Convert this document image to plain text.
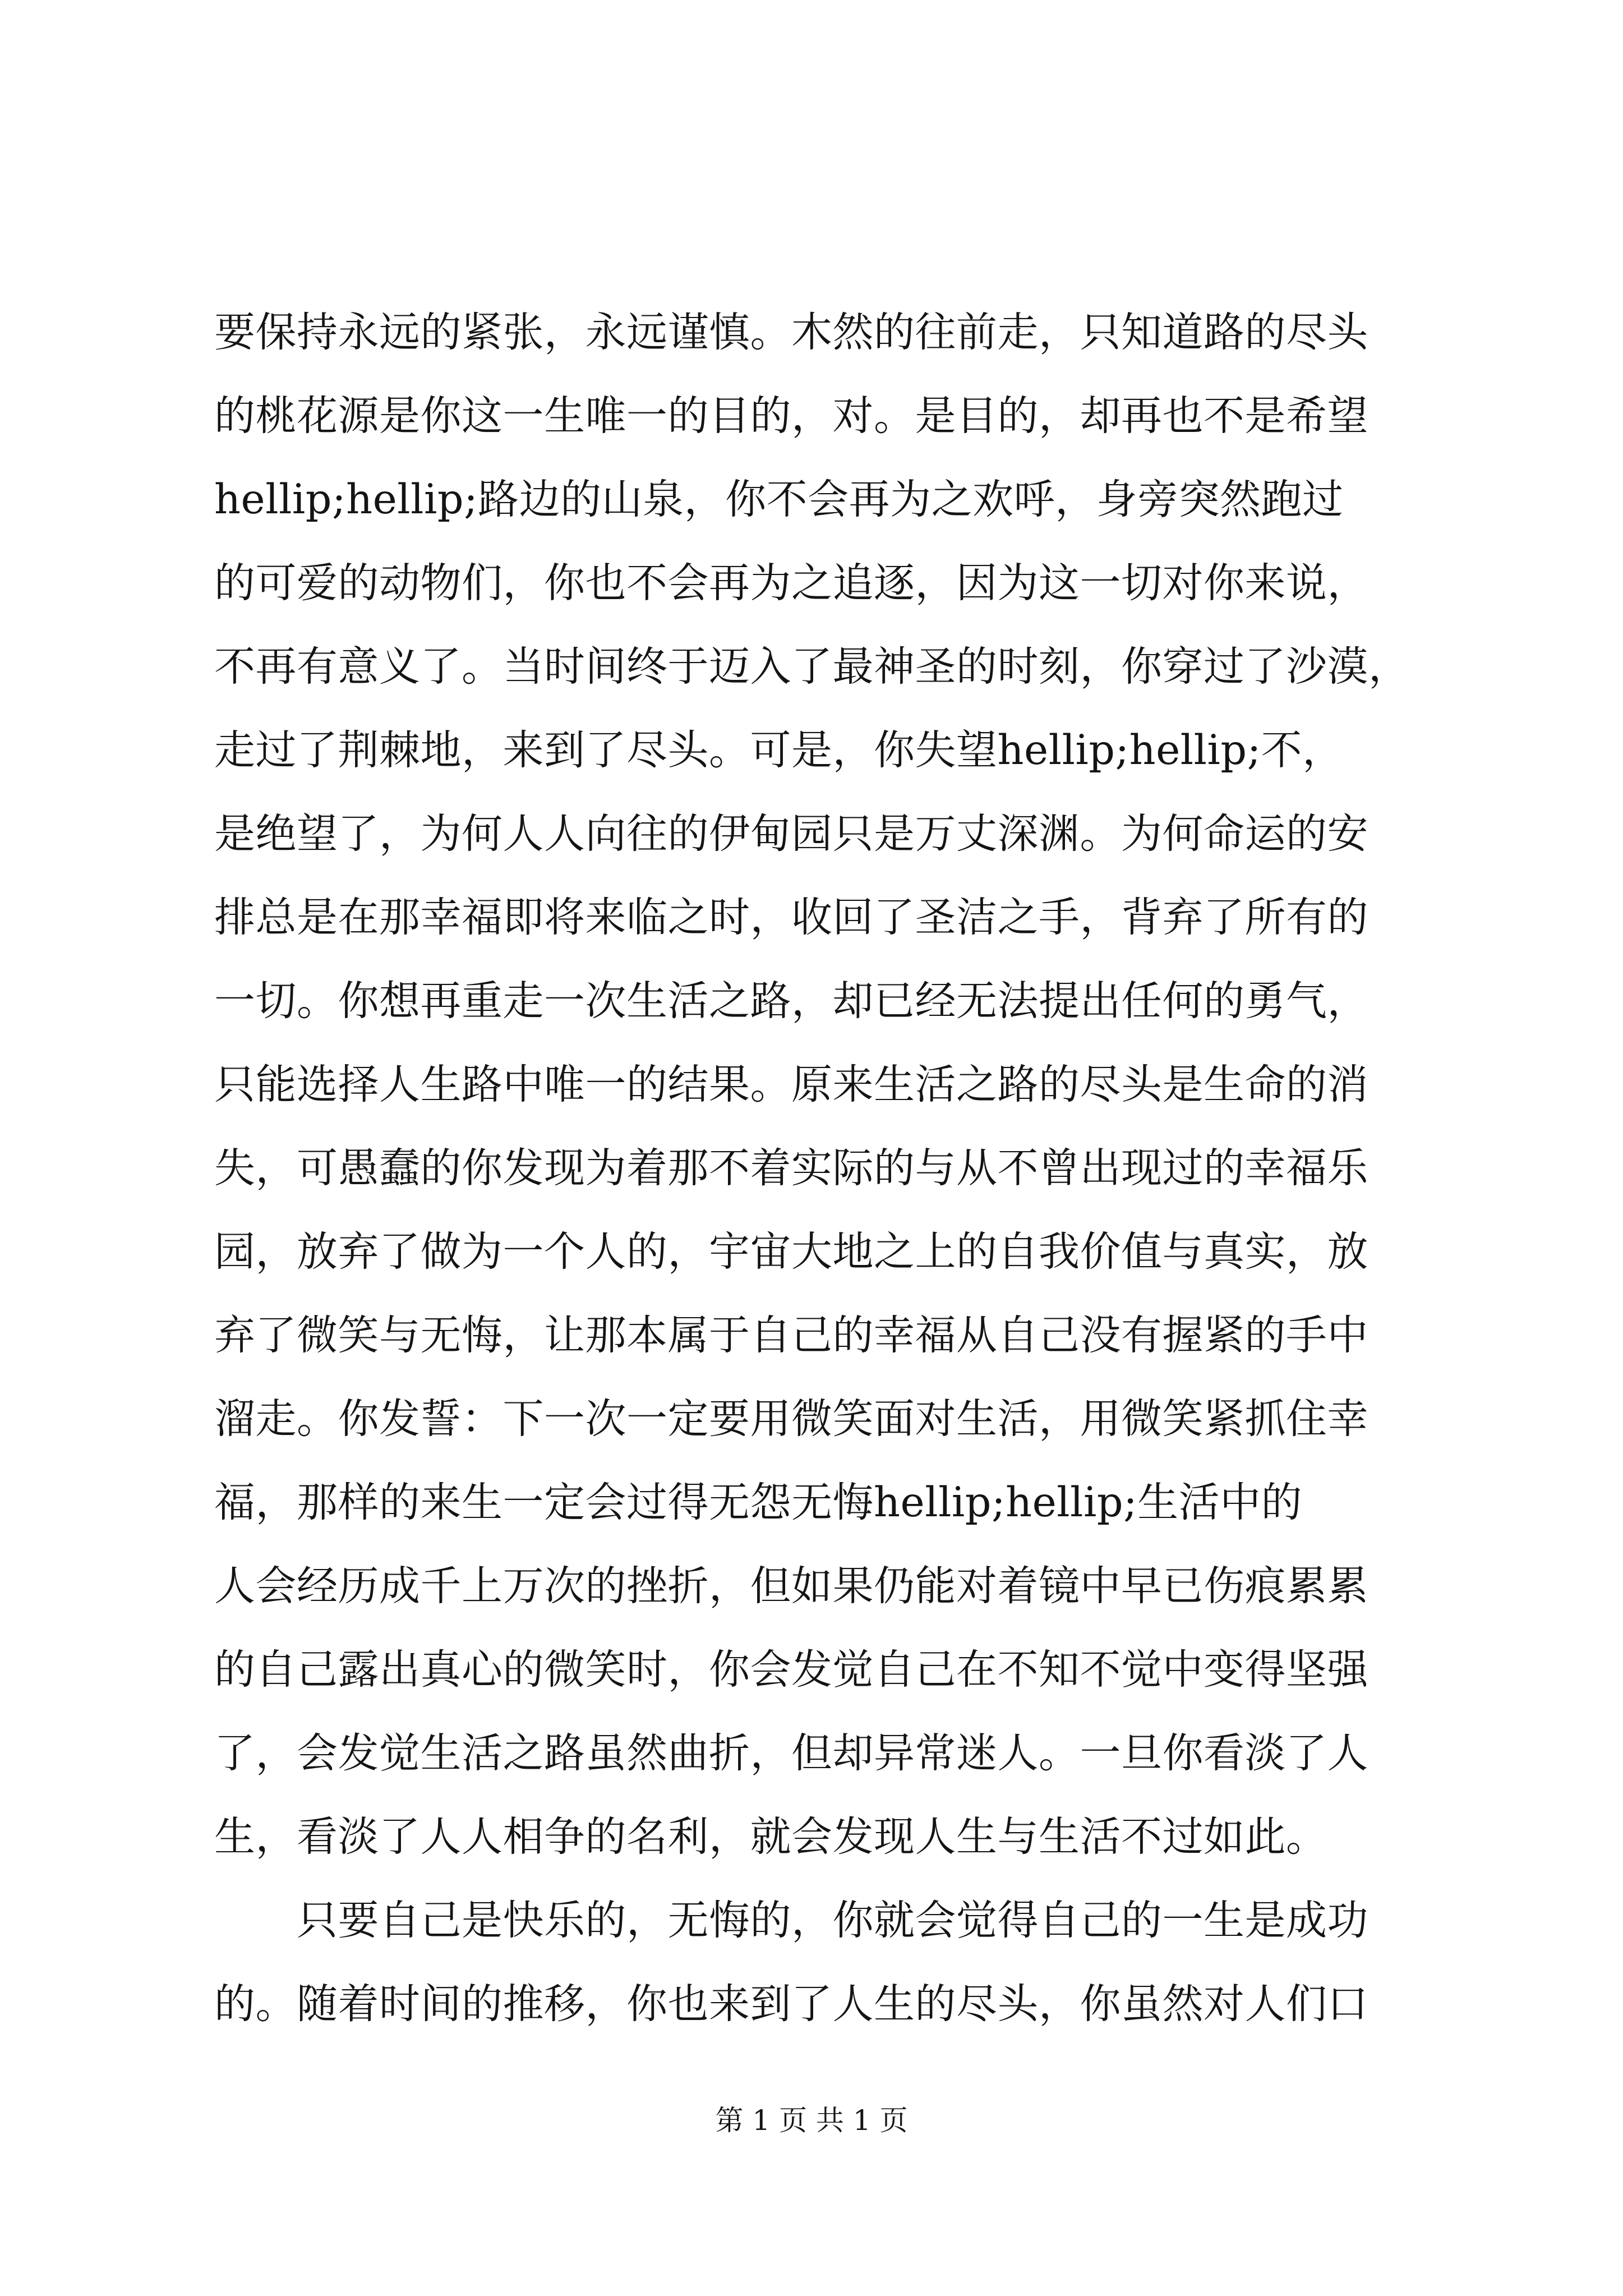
要保持永远的紧张，永远谨慎。木然的往前走，只知道路的尽头
的桃花源是你这一生唯一的目的，对。是目的，却再也不是希望
hellip;hellip;路边的山泉，你不会再为之欢呼，身旁突然跑过
的可爱的动物们，你也不会再为之追逐，因为这一切对你来说，
不再有意义了。当时间终于迈入了最神圣的时刻，你穿过了沙漠，
走过了荆棘地，来到了尽头。可是，你失望hellip;hellip;不，
是绝望了，为何人人向往的伊甸园只是万丈深渊。为何命运的安
排总是在那幸福即将来临之时，收回了圣洁之手，背弃了所有的
一切。你想再重走一次生活之路，却已经无法提出任何的勇气，
只能选择人生路中唯一的结果。原来生活之路的尽头是生命的消
失，可愚蠢的你发现为着那不着实际的与从不曾出现过的幸福乐
园，放弃了做为一个人的，宇宙大地之上的自我价值与真实，放
弃了微笑与无悔，让那本属于自己的幸福从自己没有握紧的手中
溜走。你发誓：下一次一定要用微笑面对生活，用微笑紧抓住幸
福，那样的来生一定会过得无怨无悔hellip;hellip;生活中的
人会经历成千上万次的挫折，但如果仍能对着镜中早已伤痕累累
的自己露出真心的微笑时，你会发觉自己在不知不觉中变得坚强
了，会发觉生活之路虽然曲折，但却异常迷人。一旦你看淡了人
生，看淡了人人相争的名利，就会发现人生与生活不过如此。
　　只要自己是快乐的，无悔的，你就会觉得自己的一生是成功
的。随着时间的推移，你也来到了人生的尽头，你虽然对人们口
第 1 页 共 1 页
